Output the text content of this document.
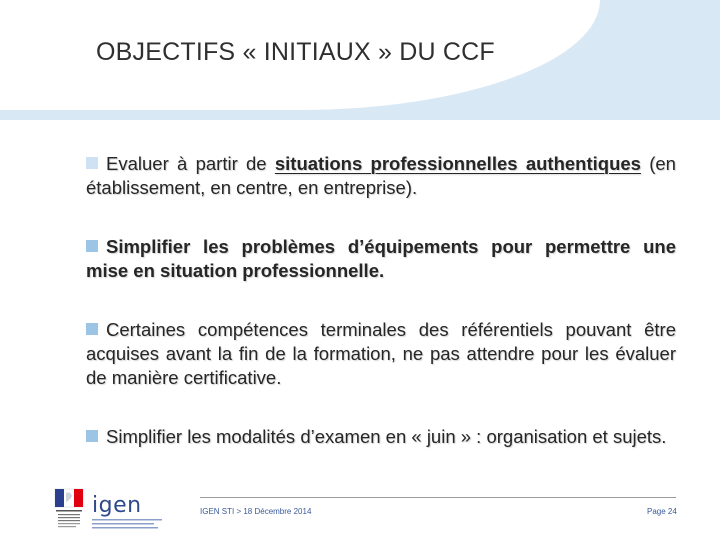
OBJECTIFS « INITIAUX » DU CCF

Evaluer à partir de situations professionnelles authentiques (en établissement, en centre, en entreprise).

Simplifier les problèmes d’équipements pour permettre une mise en situation professionnelle.

Certaines compétences terminales des référentiels pouvant être acquises avant la fin de la formation, ne pas attendre pour les évaluer de manière certificative.

Simplifier les modalités d’examen en « juin » : organisation et sujets.

igen	IGEN STI > 18 Décembre 2014	Page 24
